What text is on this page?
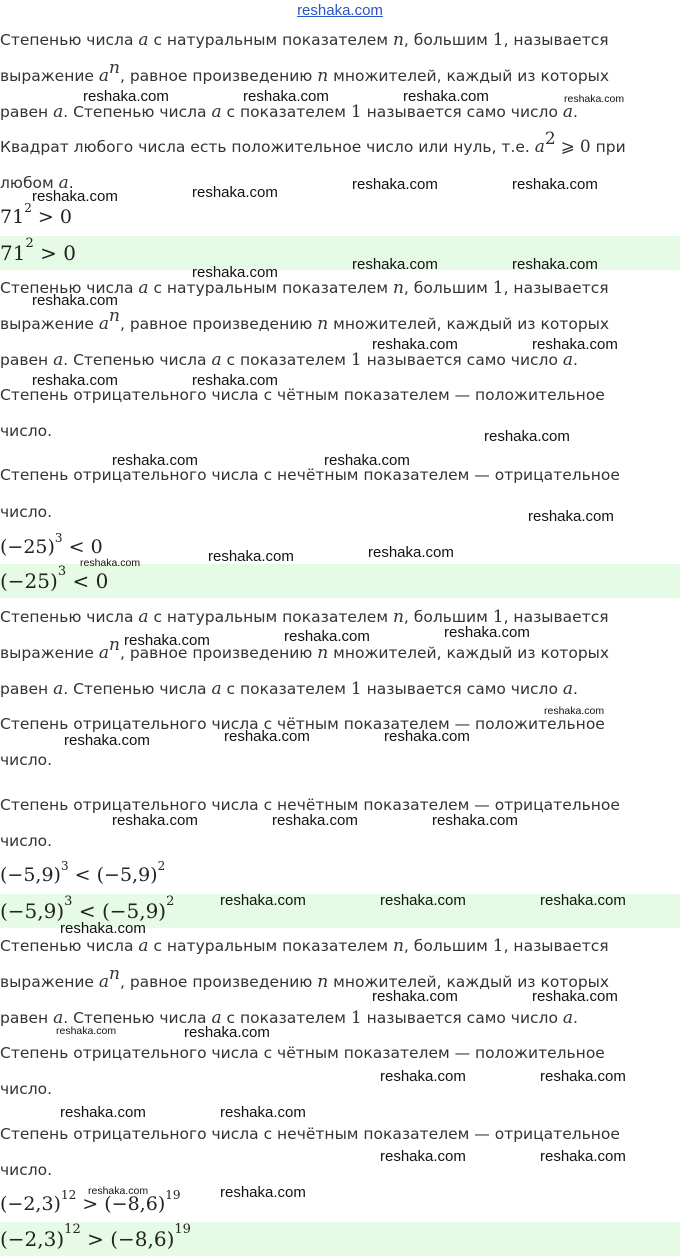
reshaka.com
Степенью числа a с натуральным показателем n, большим 1, называется
выражение $a^n$, равное произведению n множителей, каждый из которых
равен a. Степенью числа a с показателем 1 называется само число a.
Квадрат любого числа есть положительное число или нуль, т.е. $a^2$ ⩾ 0 при
любом a.
$71^2 > 0$
$71^2 > 0$
Степенью числа a с натуральным показателем n, большим 1, называется
выражение $a^n$, равное произведению n множителей, каждый из которых
равен a. Степенью числа a с показателем 1 называется само число a.
Степень отрицательного числа с чётным показателем — положительное
число.
Степень отрицательного числа с нечётным показателем — отрицательное
число.
$(-25)^3 < 0$
$(-25)^3 < 0$
Степенью числа a с натуральным показателем n, большим 1, называется
выражение $a^n$, равное произведению n множителей, каждый из которых
равен a. Степенью числа a с показателем 1 называется само число a.
Степень отрицательного числа с чётным показателем — положительное
число.
Степень отрицательного числа с нечётным показателем — отрицательное
число.
$(-5,9)^3 < (-5,9)^2$
$(-5,9)^3 < (-5,9)^2$
Степенью числа a с натуральным показателем n, большим 1, называется
выражение $a^n$, равное произведению n множителей, каждый из которых
равен a. Степенью числа a с показателем 1 называется само число a.
Степень отрицательного числа с чётным показателем — положительное
число.
Степень отрицательного числа с нечётным показателем — отрицательное
число.
$(-2,3)^{12} > (-8,6)^{19}$
$(-2,3)^{12} > (-8,6)^{19}$
reshaka.com	reshaka.com	reshaka.com	reshaka.com
reshaka.com	reshaka.com	reshaka.com	reshaka.com
reshaka.com	reshaka.com	reshaka.com
reshaka.com
reshaka.com	reshaka.com
reshaka.com	reshaka.com
reshaka.com
reshaka.com	reshaka.com
reshaka.com
reshaka.com	reshaka.com
reshaka.com
reshaka.com	reshaka.com	reshaka.com
reshaka.com
reshaka.com	reshaka.com	reshaka.com
reshaka.com	reshaka.com	reshaka.com
reshaka.com	reshaka.com	reshaka.com
reshaka.com
reshaka.com	reshaka.com
reshaka.com	reshaka.com
reshaka.com	reshaka.com
reshaka.com	reshaka.com
reshaka.com	reshaka.com
reshaka.com	reshaka.com
